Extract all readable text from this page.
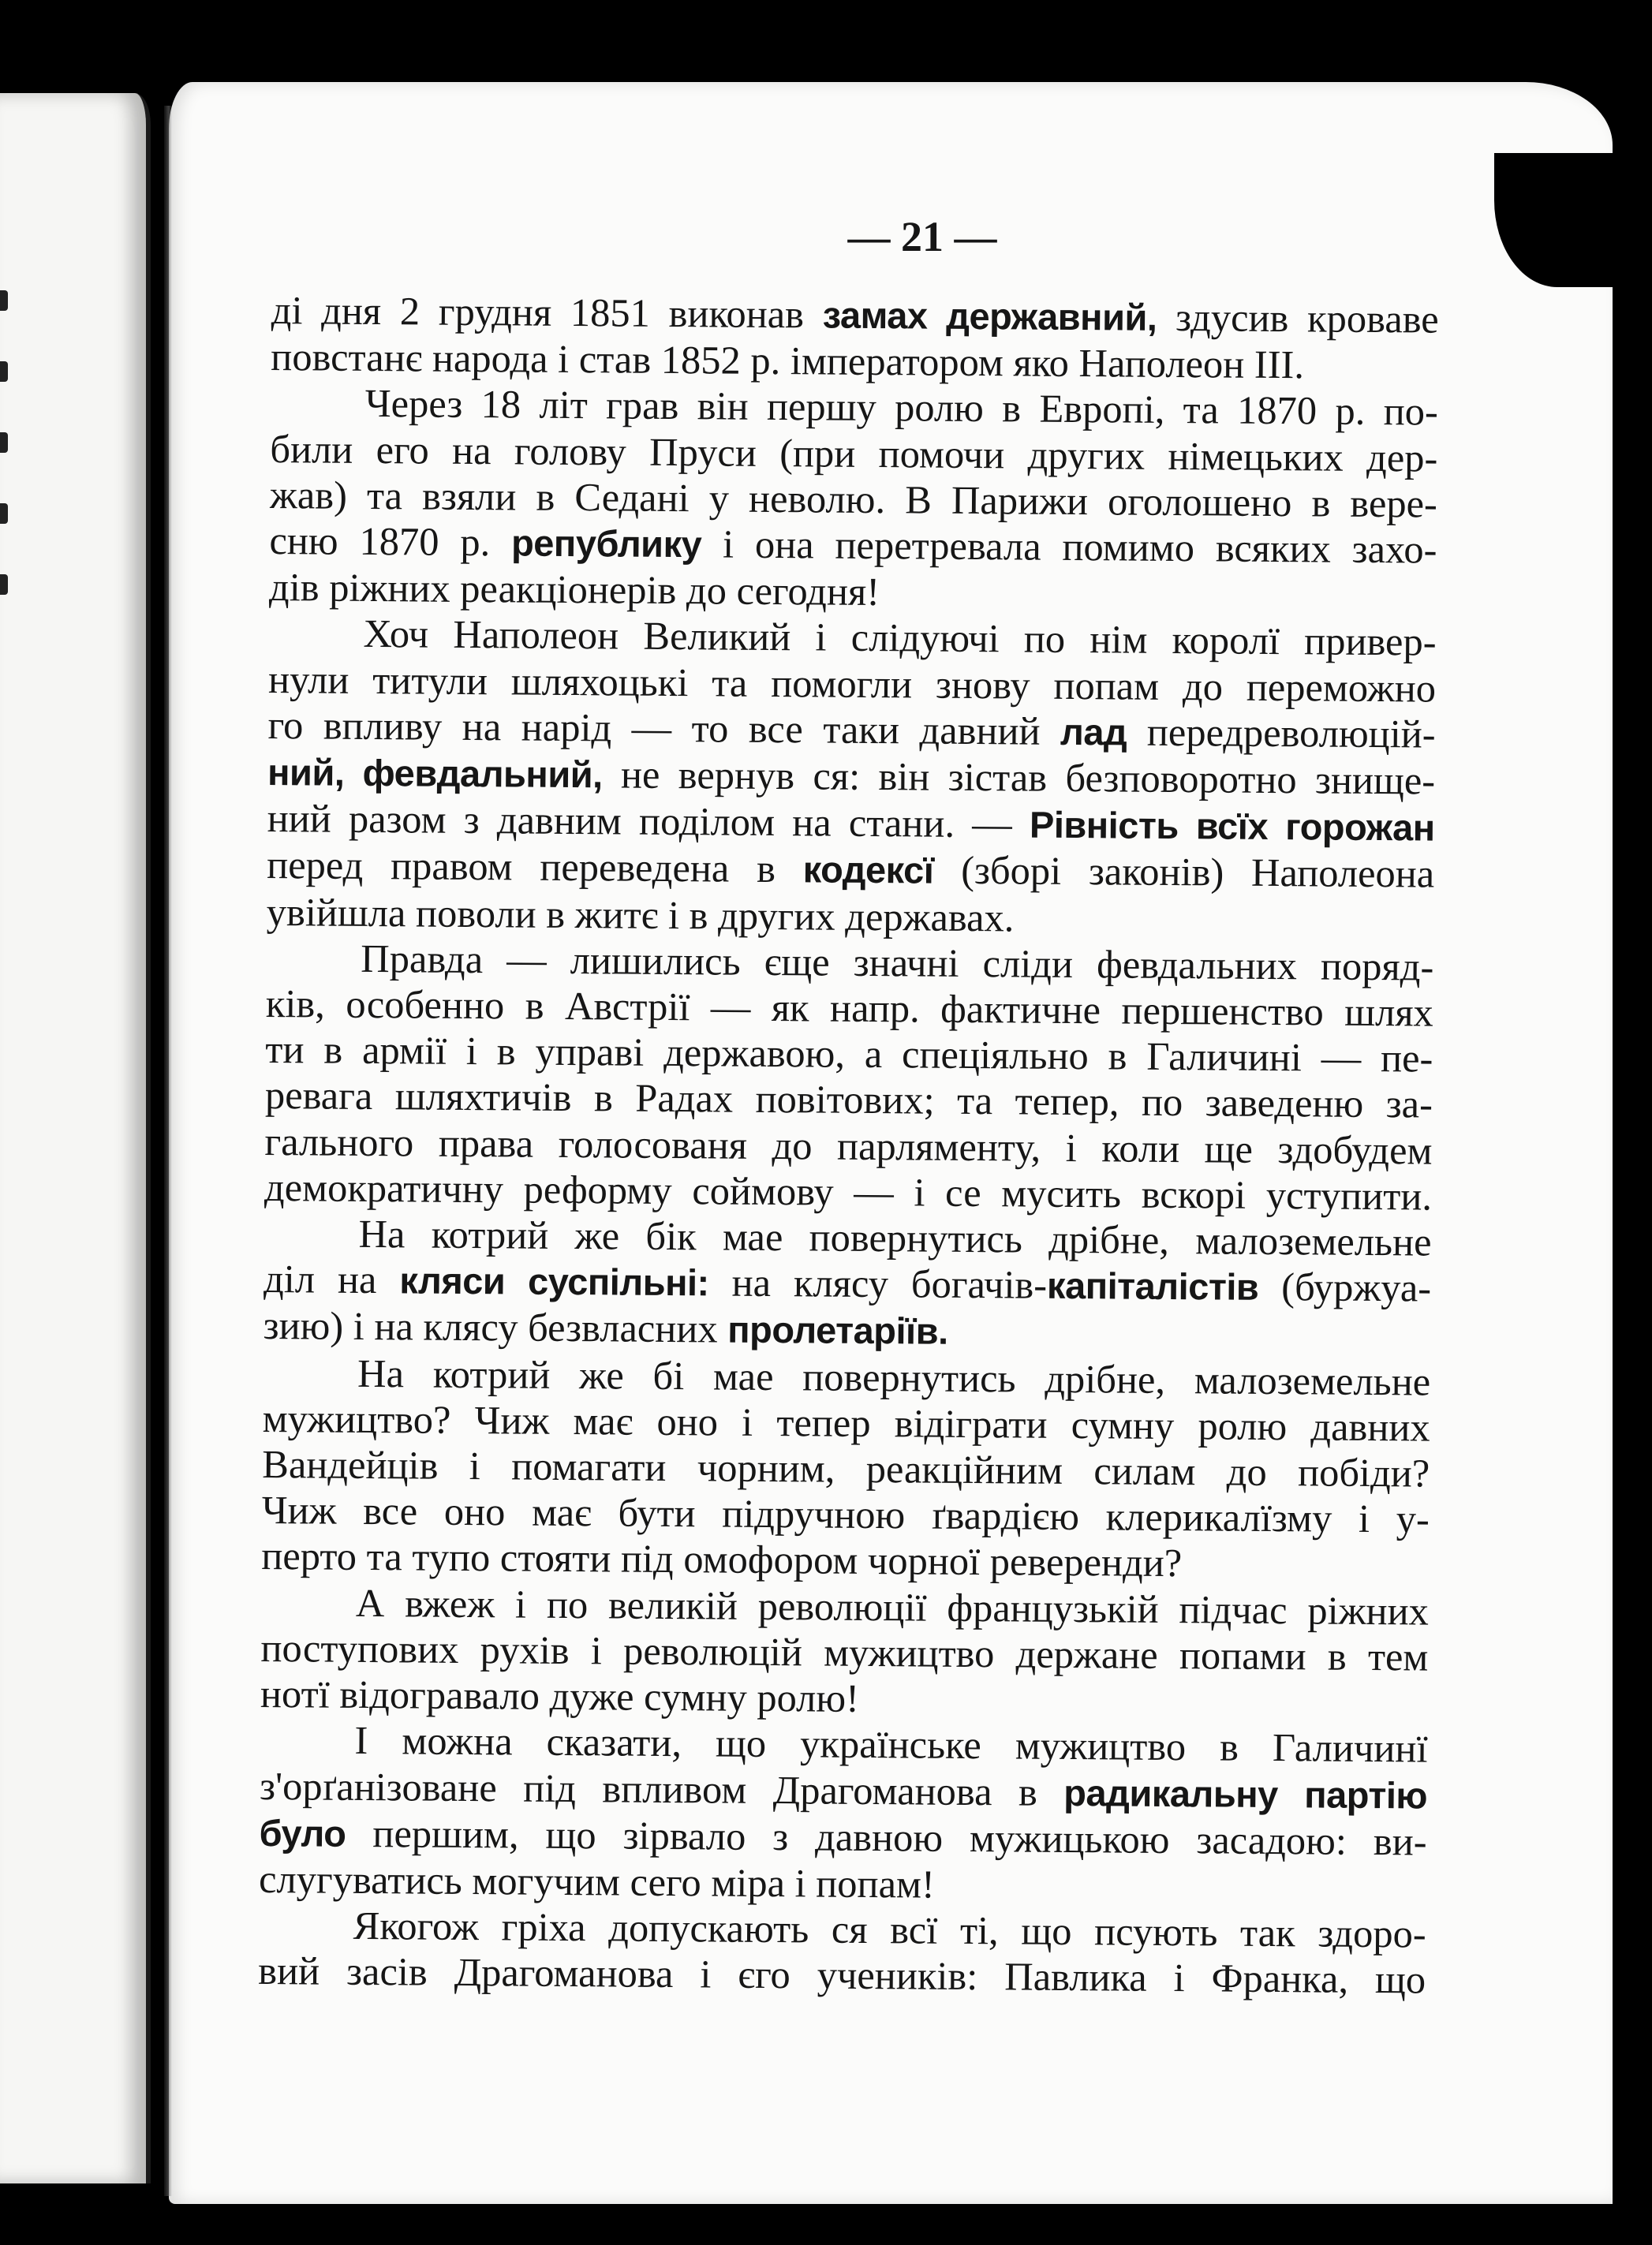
— 21 —
ді дня 2 грудня 1851 виконав замах державний, здусив кроваве
повстанє народа і став 1852 р. імператором яко Наполеон III.
Через 18 літ грав він першу ролю в Европі, та 1870 р. по-
били его на голову Пруси (при помочи других німецьких дер-
жав) та взяли в Седані у неволю. В Парижи оголошено в вере-
сню 1870 р. републику і она перетревала помимо всяких захо-
дів ріжних реакціонерів до сегодня!
Хоч Наполеон Великий і слідуючі по нім королї привер-
нули титули шляхоцькі та помогли знову попам до переможно
го впливу на нарід — то все таки давний лад передреволюцій-
ний, февдальний, не вернув ся: він зістав безповоротно знище-
ний разом з давним поділом на стани. — Рівність всїх горожан
перед правом переведена в кодексї (зборі законів) Наполеона
увійшла поволи в житє і в других державах.
Правда — лишились єще значні сліди февдальних поряд-
ків, особенно в Австрії — як напр. фактичне першенство шлях
ти в армії і в управі державою, а спеціяльно в Галичині — пе-
ревага шляхтичів в Радах повітових; та тепер, по заведеню за-
гального права голосованя до парляменту, і коли ще здобудем
демократичну реформу соймову — і се мусить вскорі уступити.
На котрий же бік мае повернутись дрібне, малоземельне
діл на кляси суспільні: на клясу богачів-капіталістів (буржуа-
зию) і на клясу безвласних пролетаріїв.
На котрий же бі мае повернутись дрібне, малоземельне
мужицтво? Чиж має оно і тепер відіграти сумну ролю давних
Вандейців і помагати чорним, реакційним силам до побіди?
Чиж все оно має бути підручною ґвардією клерикалїзму і у-
перто та тупо стояти під омофором чорної реверенди?
А вжеж і по великій революції французькій підчас ріжних
поступових рухів і революцій мужицтво держане попами в тем
нотї відогравало дуже сумну ролю!
І можна сказати, що українське мужицтво в Галичинї
з'орґанізоване під впливом Драгоманова в радикальну партію
було першим, що зірвало з давною мужицькою засадою: ви-
слугуватись могучим сего міра і попам!
Якогож гріха допускають ся всї ті, що псують так здоро-
вий засів Драгоманова і єго учеників: Павлика і Франка, що
